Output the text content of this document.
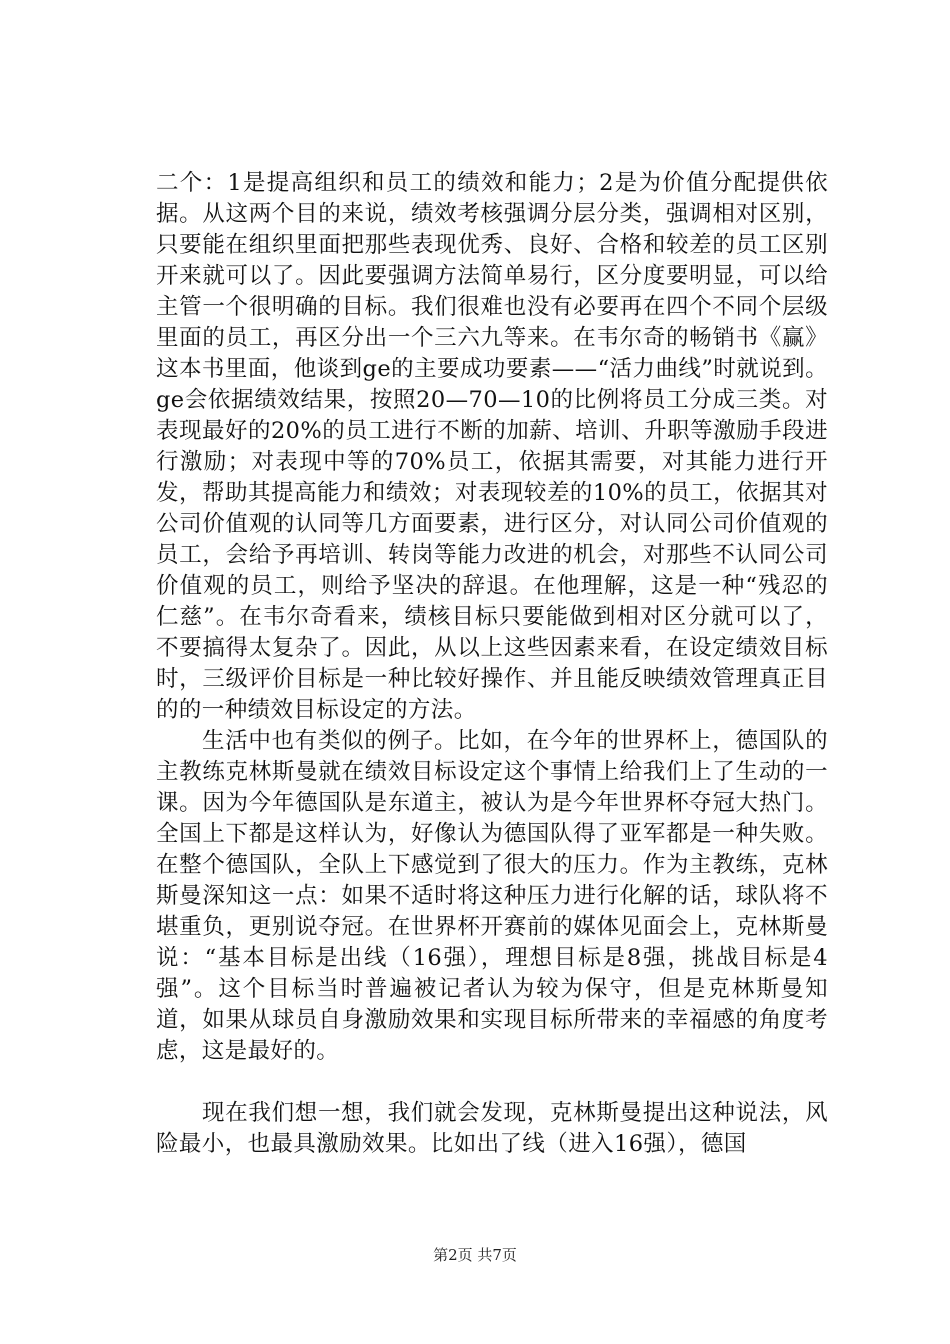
二个：1是提高组织和员工的绩效和能力；2是为价值分配提供依据。从这两个目的来说，绩效考核强调分层分类，强调相对区别，只要能在组织里面把那些表现优秀、良好、合格和较差的员工区别开来就可以了。因此要强调方法简单易行，区分度要明显，可以给主管一个很明确的目标。我们很难也没有必要再在四个不同个层级里面的员工，再区分出一个三六九等来。在韦尔奇的畅销书《赢》这本书里面，他谈到ge的主要成功要素——“活力曲线”时就说到。ge会依据绩效结果，按照20—70—10的比例将员工分成三类。对表现最好的20%的员工进行不断的加薪、培训、升职等激励手段进行激励；对表现中等的70%员工，依据其需要，对其能力进行开发，帮助其提高能力和绩效；对表现较差的10%的员工，依据其对公司价值观的认同等几方面要素，进行区分，对认同公司价值观的员工，会给予再培训、转岗等能力改进的机会，对那些不认同公司价值观的员工，则给予坚决的辞退。在他理解，这是一种“残忍的仁慈”。在韦尔奇看来，绩核目标只要能做到相对区分就可以了，不要搞得太复杂了。因此，从以上这些因素来看，在设定绩效目标时，三级评价目标是一种比较好操作、并且能反映绩效管理真正目的的一种绩效目标设定的方法。

生活中也有类似的例子。比如，在今年的世界杯上，德国队的主教练克林斯曼就在绩效目标设定这个事情上给我们上了生动的一课。因为今年德国队是东道主，被认为是今年世界杯夺冠大热门。全国上下都是这样认为，好像认为德国队得了亚军都是一种失败。在整个德国队，全队上下感觉到了很大的压力。作为主教练，克林斯曼深知这一点：如果不适时将这种压力进行化解的话，球队将不堪重负，更别说夺冠。在世界杯开赛前的媒体见面会上，克林斯曼说：“基本目标是出线（16强），理想目标是8强，挑战目标是4强”。这个目标当时普遍被记者认为较为保守，但是克林斯曼知道，如果从球员自身激励效果和实现目标所带来的幸福感的角度考虑，这是最好的。

现在我们想一想，我们就会发现，克林斯曼提出这种说法，风险最小，也最具激励效果。比如出了线（进入16强），德国

第2页 共7页
